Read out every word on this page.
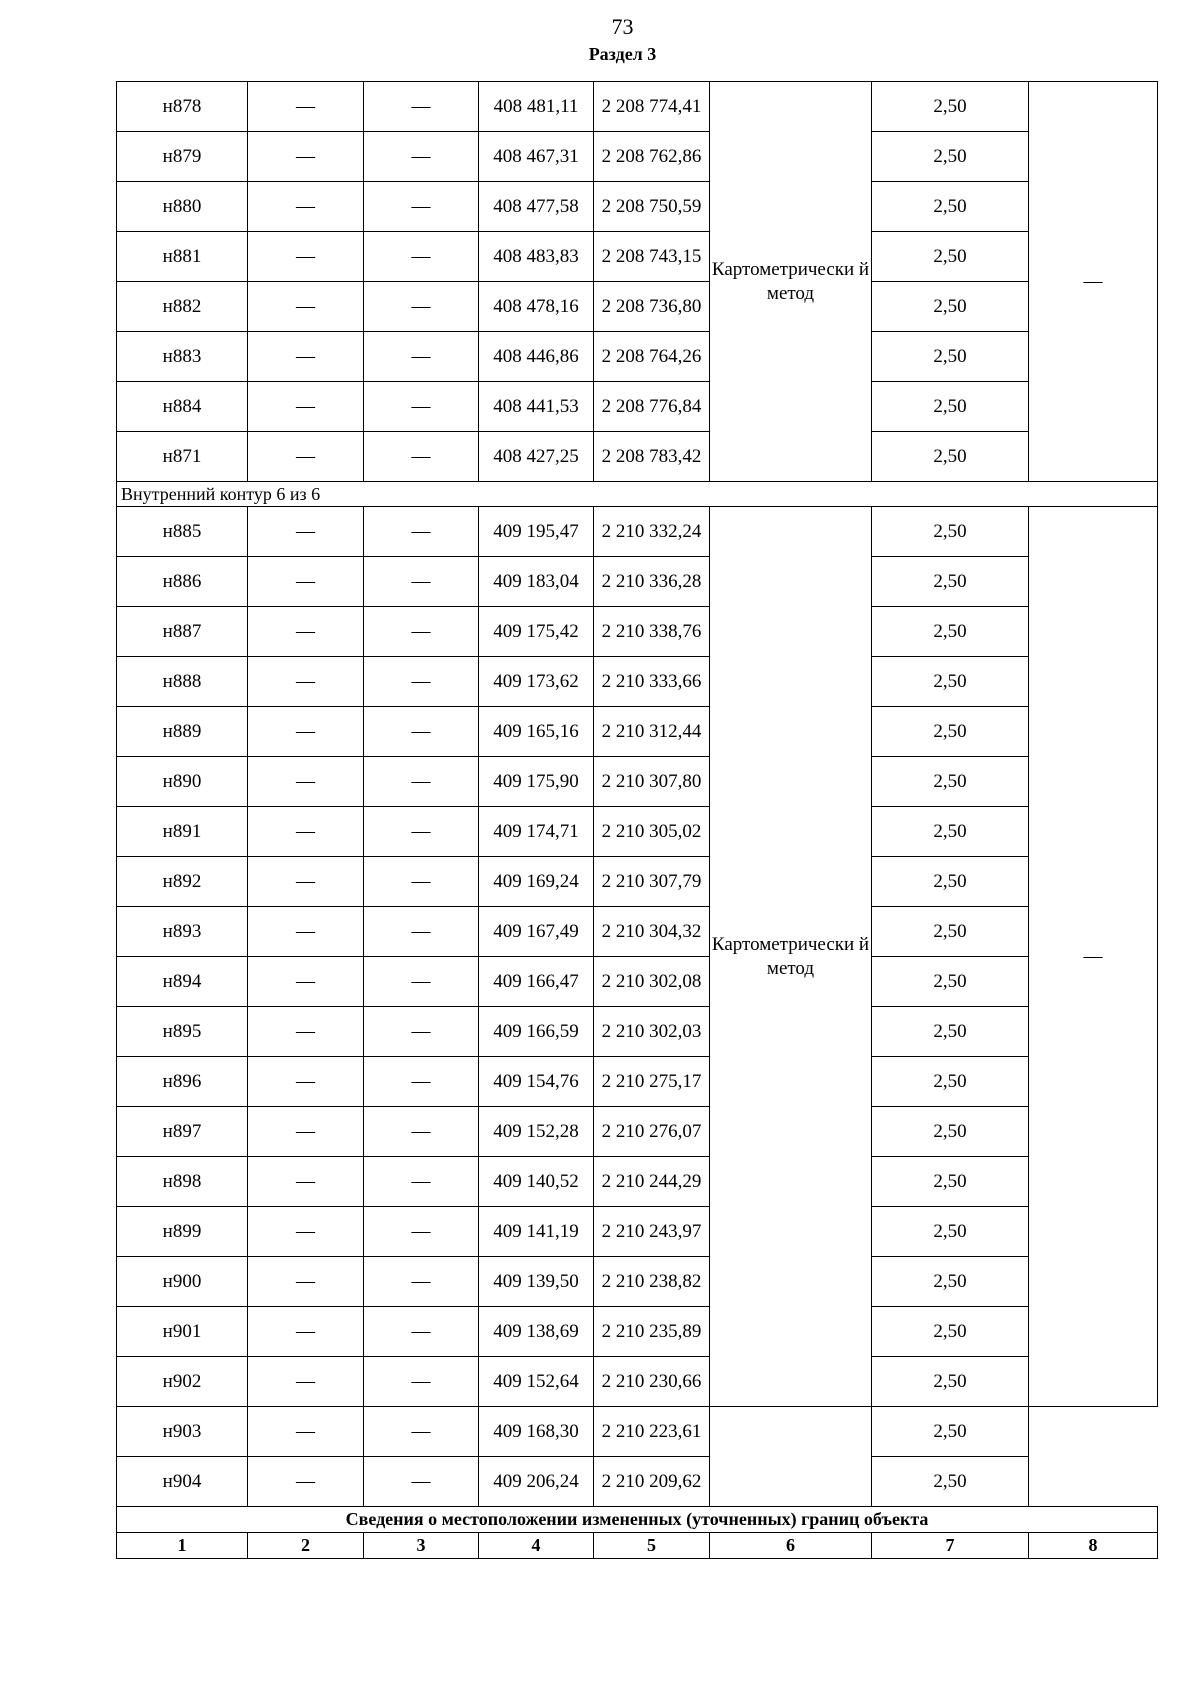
73
Раздел 3
н878	—	—	408 481,11	2 208 774,41	Картометрически й метод	2,50	—
н879	—	—	408 467,31	2 208 762,86		2,50	
н880	—	—	408 477,58	2 208 750,59		2,50	
н881	—	—	408 483,83	2 208 743,15		2,50	
н882	—	—	408 478,16	2 208 736,80		2,50	
н883	—	—	408 446,86	2 208 764,26		2,50	
н884	—	—	408 441,53	2 208 776,84		2,50	
н871	—	—	408 427,25	2 208 783,42		2,50	
Внутренний контур 6 из 6							
н885	—	—	409 195,47	2 210 332,24	Картометрически й метод	2,50	—
н886	—	—	409 183,04	2 210 336,28		2,50	
н887	—	—	409 175,42	2 210 338,76		2,50	
н888	—	—	409 173,62	2 210 333,66		2,50	
н889	—	—	409 165,16	2 210 312,44		2,50	
н890	—	—	409 175,90	2 210 307,80		2,50	
н891	—	—	409 174,71	2 210 305,02		2,50	
н892	—	—	409 169,24	2 210 307,79		2,50	
н893	—	—	409 167,49	2 210 304,32		2,50	
н894	—	—	409 166,47	2 210 302,08		2,50	
н895	—	—	409 166,59	2 210 302,03		2,50	
н896	—	—	409 154,76	2 210 275,17		2,50	
н897	—	—	409 152,28	2 210 276,07		2,50	
н898	—	—	409 140,52	2 210 244,29		2,50	
н899	—	—	409 141,19	2 210 243,97		2,50	
н900	—	—	409 139,50	2 210 238,82		2,50	
н901	—	—	409 138,69	2 210 235,89		2,50	
н902	—	—	409 152,64	2 210 230,66		2,50	
н903	—	—	409 168,30	2 210 223,61		2,50	
н904	—	—	409 206,24	2 210 209,62		2,50	
Сведения о местоположении измененных (уточненных) границ объекта							
1	2	3	4	5	6	7	8
